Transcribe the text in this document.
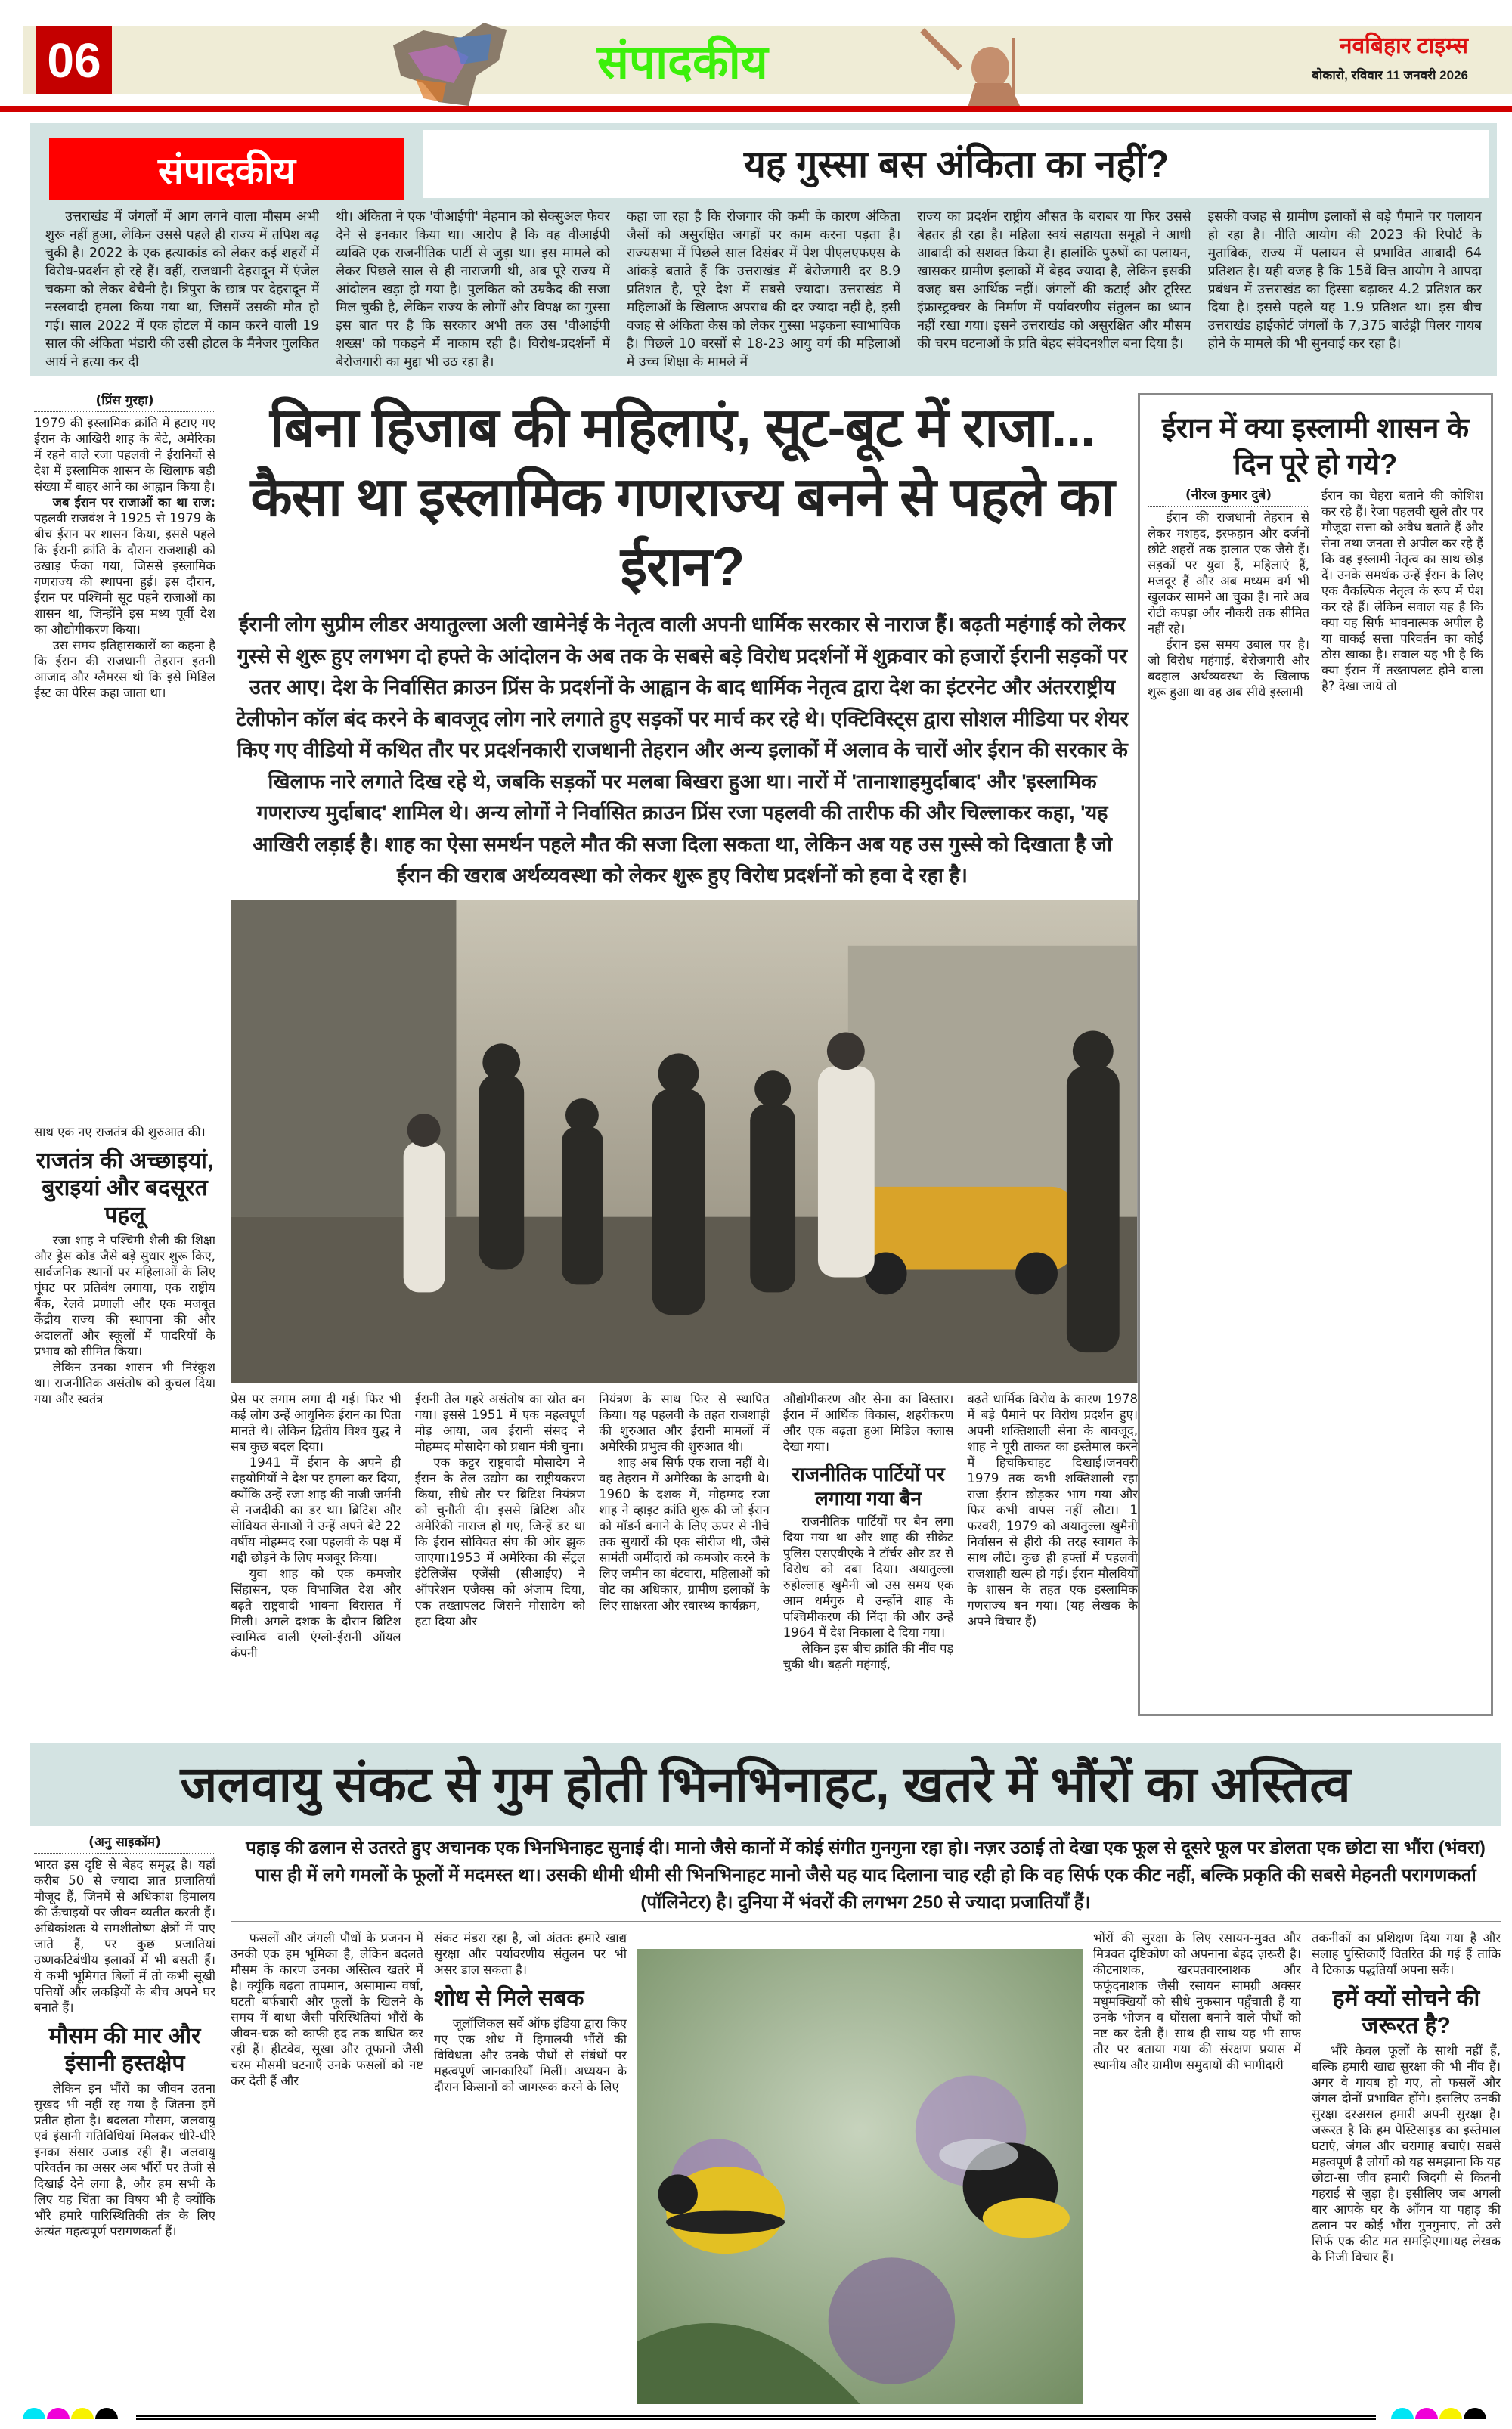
06	संपादकीय	नवबिहार टाइम्स
बोकारो, रविवार 11 जनवरी 2026
संपादकीय	यह गुस्सा बस अंकिता का नहीं?

उत्तराखंड में जंगलों में आग लगने वाला मौसम अभी शुरू नहीं हुआ, लेकिन उससे पहले ही राज्य में तपिश बढ़ चुकी है। 2022 के एक हत्याकांड को लेकर कई शहरों में विरोध-प्रदर्शन हो रहे हैं। वहीं, राजधानी देहरादून में एंजेल चकमा को लेकर बेचैनी है। त्रिपुरा के छात्र पर देहरादून में नस्लवादी हमला किया गया था, जिसमें उसकी मौत हो गई। साल 2022 में एक होटल में काम करने वाली 19 साल की अंकिता भंडारी की उसी होटल के मैनेजर पुलकित आर्य ने हत्या कर दी

थी। अंकिता ने एक 'वीआईपी' मेहमान को सेक्सुअल फेवर देने से इनकार किया था। आरोप है कि वह वीआईपी व्यक्ति एक राजनीतिक पार्टी से जुड़ा था। इस मामले को लेकर पिछले साल से ही नाराजगी थी, अब पूरे राज्य में आंदोलन खड़ा हो गया है। पुलकित को उम्रकैद की सजा मिल चुकी है, लेकिन राज्य के लोगों और विपक्ष का गुस्सा इस बात पर है कि सरकार अभी तक उस 'वीआईपी शख्स' को पकड़ने में नाकाम रही है। विरोध-प्रदर्शनों में बेरोजगारी का मुद्दा भी उठ रहा है।

कहा जा रहा है कि रोजगार की कमी के कारण अंकिता जैसों को असुरक्षित जगहों पर काम करना पड़ता है। राज्यसभा में पिछले साल दिसंबर में पेश पीएलएफएस के आंकड़े बताते हैं कि उत्तराखंड में बेरोजगारी दर 8.9 प्रतिशत है, पूरे देश में सबसे ज्यादा। उत्तराखंड में महिलाओं के खिलाफ अपराध की दर ज्यादा नहीं है, इसी वजह से अंकिता केस को लेकर गुस्सा भड़कना स्वाभाविक है। पिछले 10 बरसों से 18-23 आयु वर्ग की महिलाओं में उच्च शिक्षा के मामले में

राज्य का प्रदर्शन राष्ट्रीय औसत के बराबर या फिर उससे बेहतर ही रहा है। महिला स्वयं सहायता समूहों ने आधी आबादी को सशक्त किया है। हालांकि पुरुषों का पलायन, खासकर ग्रामीण इलाकों में बेहद ज्यादा है, लेकिन इसकी वजह बस आर्थिक नहीं। जंगलों की कटाई और टूरिस्ट इंफ्रास्ट्रक्चर के निर्माण में पर्यावरणीय संतुलन का ध्यान नहीं रखा गया। इसने उत्तराखंड को असुरक्षित और मौसम की चरम घटनाओं के प्रति बेहद संवेदनशील बना दिया है।

इसकी वजह से ग्रामीण इलाकों से बड़े पैमाने पर पलायन हो रहा है। नीति आयोग की 2023 की रिपोर्ट के मुताबिक, राज्य में पलायन से प्रभावित आबादी 64 प्रतिशत है। यही वजह है कि 15वें वित्त आयोग ने आपदा प्रबंधन में उत्तराखंड का हिस्सा बढ़ाकर 4.2 प्रतिशत कर दिया है। इससे पहले यह 1.9 प्रतिशत था। इस बीच उत्तराखंड हाईकोर्ट जंगलों के 7,375 बाउंड्री पिलर गायब होने के मामले की भी सुनवाई कर रहा है।

(प्रिंस गुरहा)

1979 की इस्लामिक क्रांति में हटाए गए ईरान के आखिरी शाह के बेटे, अमेरिका में रहने वाले रजा पहलवी ने ईरानियों से देश में इस्लामिक शासन के खिलाफ बड़ी संख्या में बाहर आने का आह्वान किया है।

जब ईरान पर राजाओं का था राज: पहलवी राजवंश ने 1925 से 1979 के बीच ईरान पर शासन किया, इससे पहले कि ईरानी क्रांति के दौरान राजशाही को उखाड़ फेंका गया, जिससे इस्लामिक गणराज्य की स्थापना हुई। इस दौरान, ईरान पर पश्चिमी सूट पहने राजाओं का शासन था, जिन्होंने इस मध्य पूर्वी देश का औद्योगीकरण किया।

उस समय इतिहासकारों का कहना है कि ईरान की राजधानी तेहरान इतनी आजाद और ग्लैमरस थी कि इसे मिडिल ईस्ट का पेरिस कहा जाता था।

साथ एक नए राजतंत्र की शुरुआत की।

राजतंत्र की अच्छाइयां, बुराइयां और बदसूरत पहलू

रजा शाह ने पश्चिमी शैली की शिक्षा और ड्रेस कोड जैसे बड़े सुधार शुरू किए, सार्वजनिक स्थानों पर महिलाओं के लिए घूंघट पर प्रतिबंध लगाया, एक राष्ट्रीय बैंक, रेलवे प्रणाली और एक मजबूत केंद्रीय राज्य की स्थापना की और अदालतों और स्कूलों में पादरियों के प्रभाव को सीमित किया।

लेकिन उनका शासन भी निरंकुश था। राजनीतिक असंतोष को कुचल दिया गया और स्वतंत्र

बिना हिजाब की महिलाएं, सूट-बूट में राजा... कैसा था इस्लामिक गणराज्य बनने से पहले का ईरान?
ईरानी लोग सुप्रीम लीडर अयातुल्ला अली खामेनेई के नेतृत्व वाली अपनी धार्मिक सरकार से नाराज हैं। बढ़ती महंगाई को लेकर गुस्से से शुरू हुए लगभग दो हफ्ते के आंदोलन के अब तक के सबसे बड़े विरोध प्रदर्शनों में शुक्रवार को हजारों ईरानी सड़कों पर उतर आए। देश के निर्वासित क्राउन प्रिंस के प्रदर्शनों के आह्वान के बाद धार्मिक नेतृत्व द्वारा देश का इंटरनेट और अंतरराष्ट्रीय टेलीफोन कॉल बंद करने के बावजूद लोग नारे लगाते हुए सड़कों पर मार्च कर रहे थे। एक्टिविस्ट्स द्वारा सोशल मीडिया पर शेयर किए गए वीडियो में कथित तौर पर प्रदर्शनकारी राजधानी तेहरान और अन्य इलाकों में अलाव के चारों ओर ईरान की सरकार के खिलाफ नारे लगाते दिख रहे थे, जबकि सड़कों पर मलबा बिखरा हुआ था। नारों में 'तानाशाहमुर्दाबाद' और 'इस्लामिक गणराज्य मुर्दाबाद' शामिल थे। अन्य लोगों ने निर्वासित क्राउन प्रिंस रजा पहलवी की तारीफ की और चिल्लाकर कहा, 'यह आखिरी लड़ाई है। शाह का ऐसा समर्थन पहले मौत की सजा दिला सकता था, लेकिन अब यह उस गुस्से को दिखाता है जो ईरान की खराब अर्थव्यवस्था को लेकर शुरू हुए विरोध प्रदर्शनों को हवा दे रहा है।

प्रेस पर लगाम लगा दी गई। फिर भी कई लोग उन्हें आधुनिक ईरान का पिता मानते थे। लेकिन द्वितीय विश्व युद्ध ने सब कुछ बदल दिया।

1941 में ईरान के अपने ही सहयोगियों ने देश पर हमला कर दिया, क्योंकि उन्हें रजा शाह की नाजी जर्मनी से नजदीकी का डर था। ब्रिटिश और सोवियत सेनाओं ने उन्हें अपने बेटे 22 वर्षीय मोहम्मद रजा पहलवी के पक्ष में गद्दी छोड़ने के लिए मजबूर किया।

युवा शाह को एक कमजोर सिंहासन, एक विभाजित देश और बढ़ते राष्ट्रवादी भावना विरासत में मिली। अगले दशक के दौरान ब्रिटिश स्वामित्व वाली एंग्लो-ईरानी ऑयल कंपनी

ईरानी तेल गहरे असंतोष का स्रोत बन गया। इससे 1951 में एक महत्वपूर्ण मोड़ आया, जब ईरानी संसद ने मोहम्मद मोसादेग को प्रधान मंत्री चुना।

एक कट्टर राष्ट्रवादी मोसादेग ने ईरान के तेल उद्योग का राष्ट्रीयकरण किया, सीधे तौर पर ब्रिटिश नियंत्रण को चुनौती दी। इससे ब्रिटिश और अमेरिकी नाराज हो गए, जिन्हें डर था कि ईरान सोवियत संघ की ओर झुक जाएगा।1953 में अमेरिका की सेंट्रल इंटेलिजेंस एजेंसी (सीआईए) ने ऑपरेशन एजैक्स को अंजाम दिया, एक तख्तापलट जिसने मोसादेग को हटा दिया और

नियंत्रण के साथ फिर से स्थापित किया। यह पहलवी के तहत राजशाही की शुरुआत और ईरानी मामलों में अमेरिकी प्रभुत्व की शुरुआत थी।

शाह अब सिर्फ एक राजा नहीं थे। वह तेहरान में अमेरिका के आदमी थे। 1960 के दशक में, मोहम्मद रजा शाह ने व्हाइट क्रांति शुरू की जो ईरान को मॉडर्न बनाने के लिए ऊपर से नीचे तक सुधारों की एक सीरीज थी, जैसे सामंती जमींदारों को कमजोर करने के लिए जमीन का बंटवारा, महिलाओं को वोट का अधिकार, ग्रामीण इलाकों के लिए साक्षरता और स्वास्थ्य कार्यक्रम,

औद्योगीकरण और सेना का विस्तार। ईरान में आर्थिक विकास, शहरीकरण और एक बढ़ता हुआ मिडिल क्लास देखा गया।

राजनीतिक पार्टियों पर लगाया गया बैन

राजनीतिक पार्टियों पर बैन लगा दिया गया था और शाह की सीक्रेट पुलिस एसएवीएके ने टॉर्चर और डर से विरोध को दबा दिया। अयातुल्ला रुहोल्लाह खुमैनी जो उस समय एक आम धर्मगुरु थे उन्होंने शाह के पश्चिमीकरण की निंदा की और उन्हें 1964 में देश निकाला दे दिया गया।

लेकिन इस बीच क्रांति की नींव पड़ चुकी थी। बढ़ती महंगाई,

बढ़ते धार्मिक विरोध के कारण 1978 में बड़े पैमाने पर विरोध प्रदर्शन हुए। अपनी शक्तिशाली सेना के बावजूद, शाह ने पूरी ताकत का इस्तेमाल करने में हिचकिचाहट दिखाई।जनवरी 1979 तक कभी शक्तिशाली रहा राजा ईरान छोड़कर भाग गया और फिर कभी वापस नहीं लौटा। 1 फरवरी, 1979 को अयातुल्ला खुमैनी निर्वासन से हीरो की तरह स्वागत के साथ लौटे। कुछ ही हफ्तों में पहलवी राजशाही खत्म हो गई। ईरान मौलवियों के शासन के तहत एक इस्लामिक गणराज्य बन गया। (यह लेखक के अपने विचार हैं)

ईरान में क्या इस्लामी शासन के दिन पूरे हो गये?
(नीरज कुमार दुबे)

ईरान की राजधानी तेहरान से लेकर मशहद, इस्फहान और दर्जनों छोटे शहरों तक हालात एक जैसे हैं। सड़कों पर युवा हैं, महिलाएं हैं, मजदूर हैं और अब मध्यम वर्ग भी खुलकर सामने आ चुका है। नारे अब रोटी कपड़ा और नौकरी तक सीमित नहीं रहे।

ईरान इस समय उबाल पर है। जो विरोध महंगाई, बेरोजगारी और बदहाल अर्थव्यवस्था के खिलाफ शुरू हुआ था वह अब सीधे इस्लामी

ईरान का चेहरा बताने की कोशिश कर रहे हैं। रेजा पहलवी खुले तौर पर मौजूदा सत्ता को अवैध बताते हैं और सेना तथा जनता से अपील कर रहे हैं कि वह इस्लामी नेतृत्व का साथ छोड़ दें। उनके समर्थक उन्हें ईरान के लिए एक वैकल्पिक नेतृत्व के रूप में पेश कर रहे हैं। लेकिन सवाल यह है कि क्या यह सिर्फ भावनात्मक अपील है या वाकई सत्ता परिवर्तन का कोई ठोस खाका है। सवाल यह भी है कि क्या ईरान में तख्तापलट होने वाला है? देखा जाये तो

जलवायु संकट से गुम होती भिनभिनाहट, खतरे में भौंरों का अस्तित्व
(अनु साइकॉम)

भारत इस दृष्टि से बेहद समृद्ध है। यहाँ करीब 50 से ज्यादा ज्ञात प्रजातियाँ मौजूद हैं, जिनमें से अधिकांश हिमालय की ऊँचाइयों पर जीवन व्यतीत करती हैं। अधिकांशतः ये समशीतोष्ण क्षेत्रों में पाए जाते हैं, पर कुछ प्रजातियां उष्णकटिबंधीय इलाकों में भी बसती हैं। ये कभी भूमिगत बिलों में तो कभी सूखी पत्तियों और लकड़ियों के बीच अपने घर बनाते हैं।

मौसम की मार और इंसानी हस्तक्षेप

लेकिन इन भौंरों का जीवन उतना सुखद भी नहीं रह गया है जितना हमें प्रतीत होता है। बदलता मौसम, जलवायु एवं इंसानी गतिविधियां मिलकर धीरे-धीरे इनका संसार उजाड़ रही हैं। जलवायु परिवर्तन का असर अब भौंरों पर तेजी से दिखाई देने लगा है, और हम सभी के लिए यह चिंता का विषय भी है क्योंकि भौंरे हमारे पारिस्थितिकी तंत्र के लिए अत्यंत महत्वपूर्ण परागणकर्ता हैं।

पहाड़ की ढलान से उतरते हुए अचानक एक भिनभिनाहट सुनाई दी। मानो जैसे कानों में कोई संगीत गुनगुना रहा हो। नज़र उठाई तो देखा एक फूल से दूसरे फूल पर डोलता एक छोटा सा भौंरा (भंवरा) पास ही में लगे गमलों के फूलों में मदमस्त था। उसकी धीमी धीमी सी भिनभिनाहट मानो जैसे यह याद दिलाना चाह रही हो कि वह सिर्फ एक कीट नहीं, बल्कि प्रकृति की सबसे मेहनती परागणकर्ता (पॉलिनेटर) है। दुनिया में भंवरों की लगभग 250 से ज्यादा प्रजातियाँ हैं।

फसलों और जंगली पौधों के प्रजनन में उनकी एक हम भूमिका है, लेकिन बदलते मौसम के कारण उनका अस्तित्व खतरे में है। क्यूंकि बढ़ता तापमान, असामान्य वर्षा, घटती बर्फबारी और फूलों के खिलने के समय में बाधा जैसी परिस्थितियां भौंरों के जीवन-चक्र को काफी हद तक बाधित कर रही हैं। हीटवेव, सूखा और तूफानों जैसी चरम मौसमी घटनाएँ उनके फसलों को नष्ट कर देती हैं और

संकट मंडरा रहा है, जो अंततः हमारे खाद्य सुरक्षा और पर्यावरणीय संतुलन पर भी असर डाल सकता है।

शोध से मिले सबक

जूलॉजिकल सर्वे ऑफ इंडिया द्वारा किए गए एक शोध में हिमालयी भौंरों की विविधता और उनके पौधों से संबंधों पर महत्वपूर्ण जानकारियाँ मिलीं। अध्ययन के दौरान किसानों को जागरूक करने के लिए

भोंरों की सुरक्षा के लिए रसायन-मुक्त और मित्रवत दृष्टिकोण को अपनाना बेहद ज़रूरी है। कीटनाशक, खरपतवारनाशक और फफूंदनाशक जैसी रसायन सामग्री अक्सर मधुमक्खियों को सीधे नुकसान पहुँचाती हैं या उनके भोजन व घोंसला बनाने वाले पौधों को नष्ट कर देती हैं। साथ ही साथ यह भी साफ तौर पर बताया गया की संरक्षण प्रयास में स्थानीय और ग्रामीण समुदायों की भागीदारी

तकनीकों का प्रशिक्षण दिया गया है और सलाह पुस्तिकाएँ वितरित की गई हैं ताकि वे टिकाऊ पद्धतियाँ अपना सकें।

हमें क्यों सोचने की जरूरत है?

भौंरे केवल फूलों के साथी नहीं हैं, बल्कि हमारी खाद्य सुरक्षा की भी नींव हैं। अगर वे गायब हो गए, तो फसलें और जंगल दोनों प्रभावित होंगे। इसलिए उनकी सुरक्षा दरअसल हमारी अपनी सुरक्षा है। जरूरत है कि हम पेस्टिसाइड का इस्तेमाल घटाएं, जंगल और चरागाह बचाएं। सबसे महत्वपूर्ण है लोगों को यह समझाना कि यह छोटा-सा जीव हमारी जिदगी से कितनी गहराई से जुड़ा है। इसीलिए जब अगली बार आपके घर के आँगन या पहाड़ की ढलान पर कोई भौंरा गुनगुनाए, तो उसे सिर्फ एक कीट मत समझिएगा।यह लेखक के निजी विचार हैं।
